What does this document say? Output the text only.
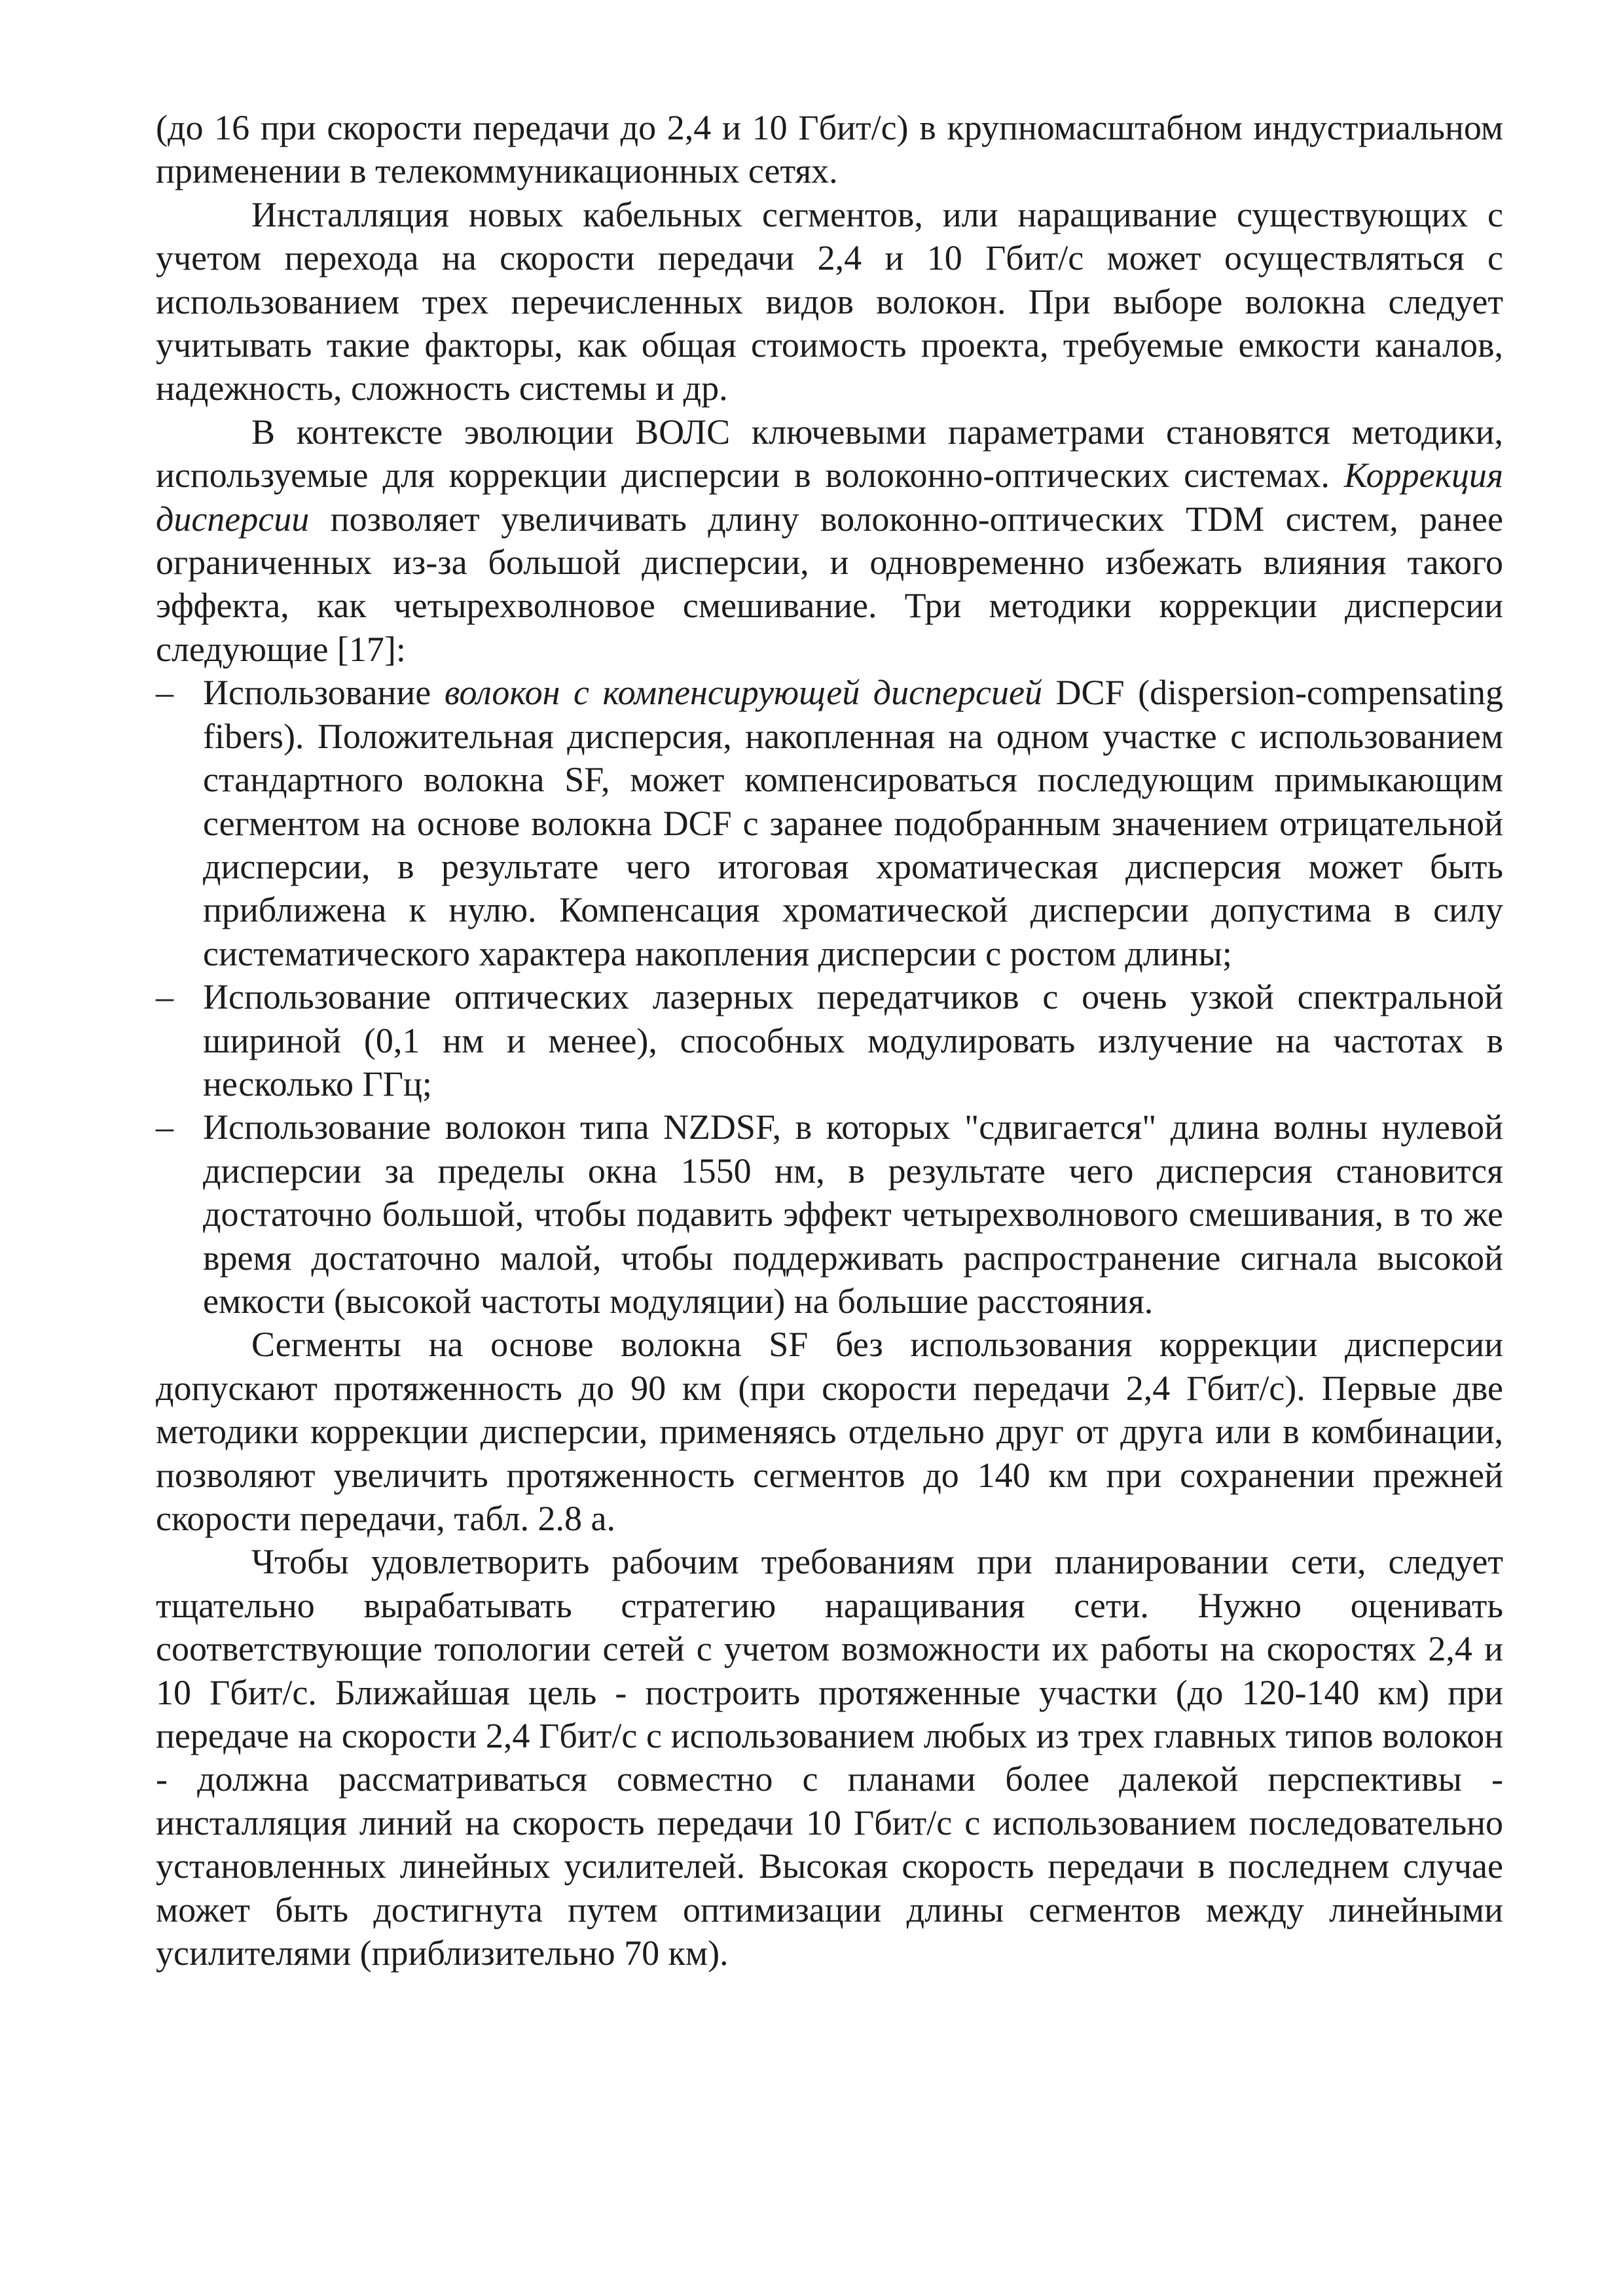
(до 16 при скорости передачи до 2,4 и 10 Гбит/с) в крупномасштабном индустриальном применении в телекоммуникационных сетях.

Инсталляция новых кабельных сегментов, или наращивание существующих с учетом перехода на скорости передачи 2,4 и 10 Гбит/с может осуществляться с использованием трех перечисленных видов волокон. При выборе волокна следует учитывать такие факторы, как общая стоимость проекта, требуемые емкости каналов, надежность, сложность системы и др.

В контексте эволюции ВОЛС ключевыми параметрами становятся методики, используемые для коррекции дисперсии в волоконно-оптических системах. Коррекция дисперсии позволяет увеличивать длину волоконно-оптических TDM систем, ранее ограниченных из-за большой дисперсии, и одновременно избежать влияния такого эффекта, как четырехволновое смешивание. Три методики коррекции дисперсии следующие [17]:

– Использование волокон с компенсирующей дисперсией DCF (dispersion-compensating fibers). Положительная дисперсия, накопленная на одном участке с использованием стандартного волокна SF, может компенсироваться последующим примыкающим сегментом на основе волокна DCF с заранее подобранным значением отрицательной дисперсии, в результате чего итоговая хроматическая дисперсия может быть приближена к нулю. Компенсация хроматической дисперсии допустима в силу систематического характера накопления дисперсии с ростом длины;
– Использование оптических лазерных передатчиков с очень узкой спектральной шириной (0,1 нм и менее), способных модулировать излучение на частотах в несколько ГГц;
– Использование волокон типа NZDSF, в которых "сдвигается" длина волны нулевой дисперсии за пределы окна 1550 нм, в результате чего дисперсия становится достаточно большой, чтобы подавить эффект четырехволнового смешивания, в то же время достаточно малой, чтобы поддерживать распространение сигнала высокой емкости (высокой частоты модуляции) на большие расстояния.

Сегменты на основе волокна SF без использования коррекции дисперсии допускают протяженность до 90 км (при скорости передачи 2,4 Гбит/с). Первые две методики коррекции дисперсии, применяясь отдельно друг от друга или в комбинации, позволяют увеличить протяженность сегментов до 140 км при сохранении прежней скорости передачи, табл. 2.8 а.

Чтобы удовлетворить рабочим требованиям при планировании сети, следует тщательно вырабатывать стратегию наращивания сети. Нужно оценивать соответствующие топологии сетей с учетом возможности их работы на скоростях 2,4 и 10 Гбит/с. Ближайшая цель - построить протяженные участки (до 120-140 км) при передаче на скорости 2,4 Гбит/с с использованием любых из трех главных типов волокон - должна рассматриваться совместно с планами более далекой перспективы - инсталляция линий на скорость передачи 10 Гбит/с с использованием последовательно установленных линейных усилителей. Высокая скорость передачи в последнем случае может быть достигнута путем оптимизации длины сегментов между линейными усилителями (приблизительно 70 км).
